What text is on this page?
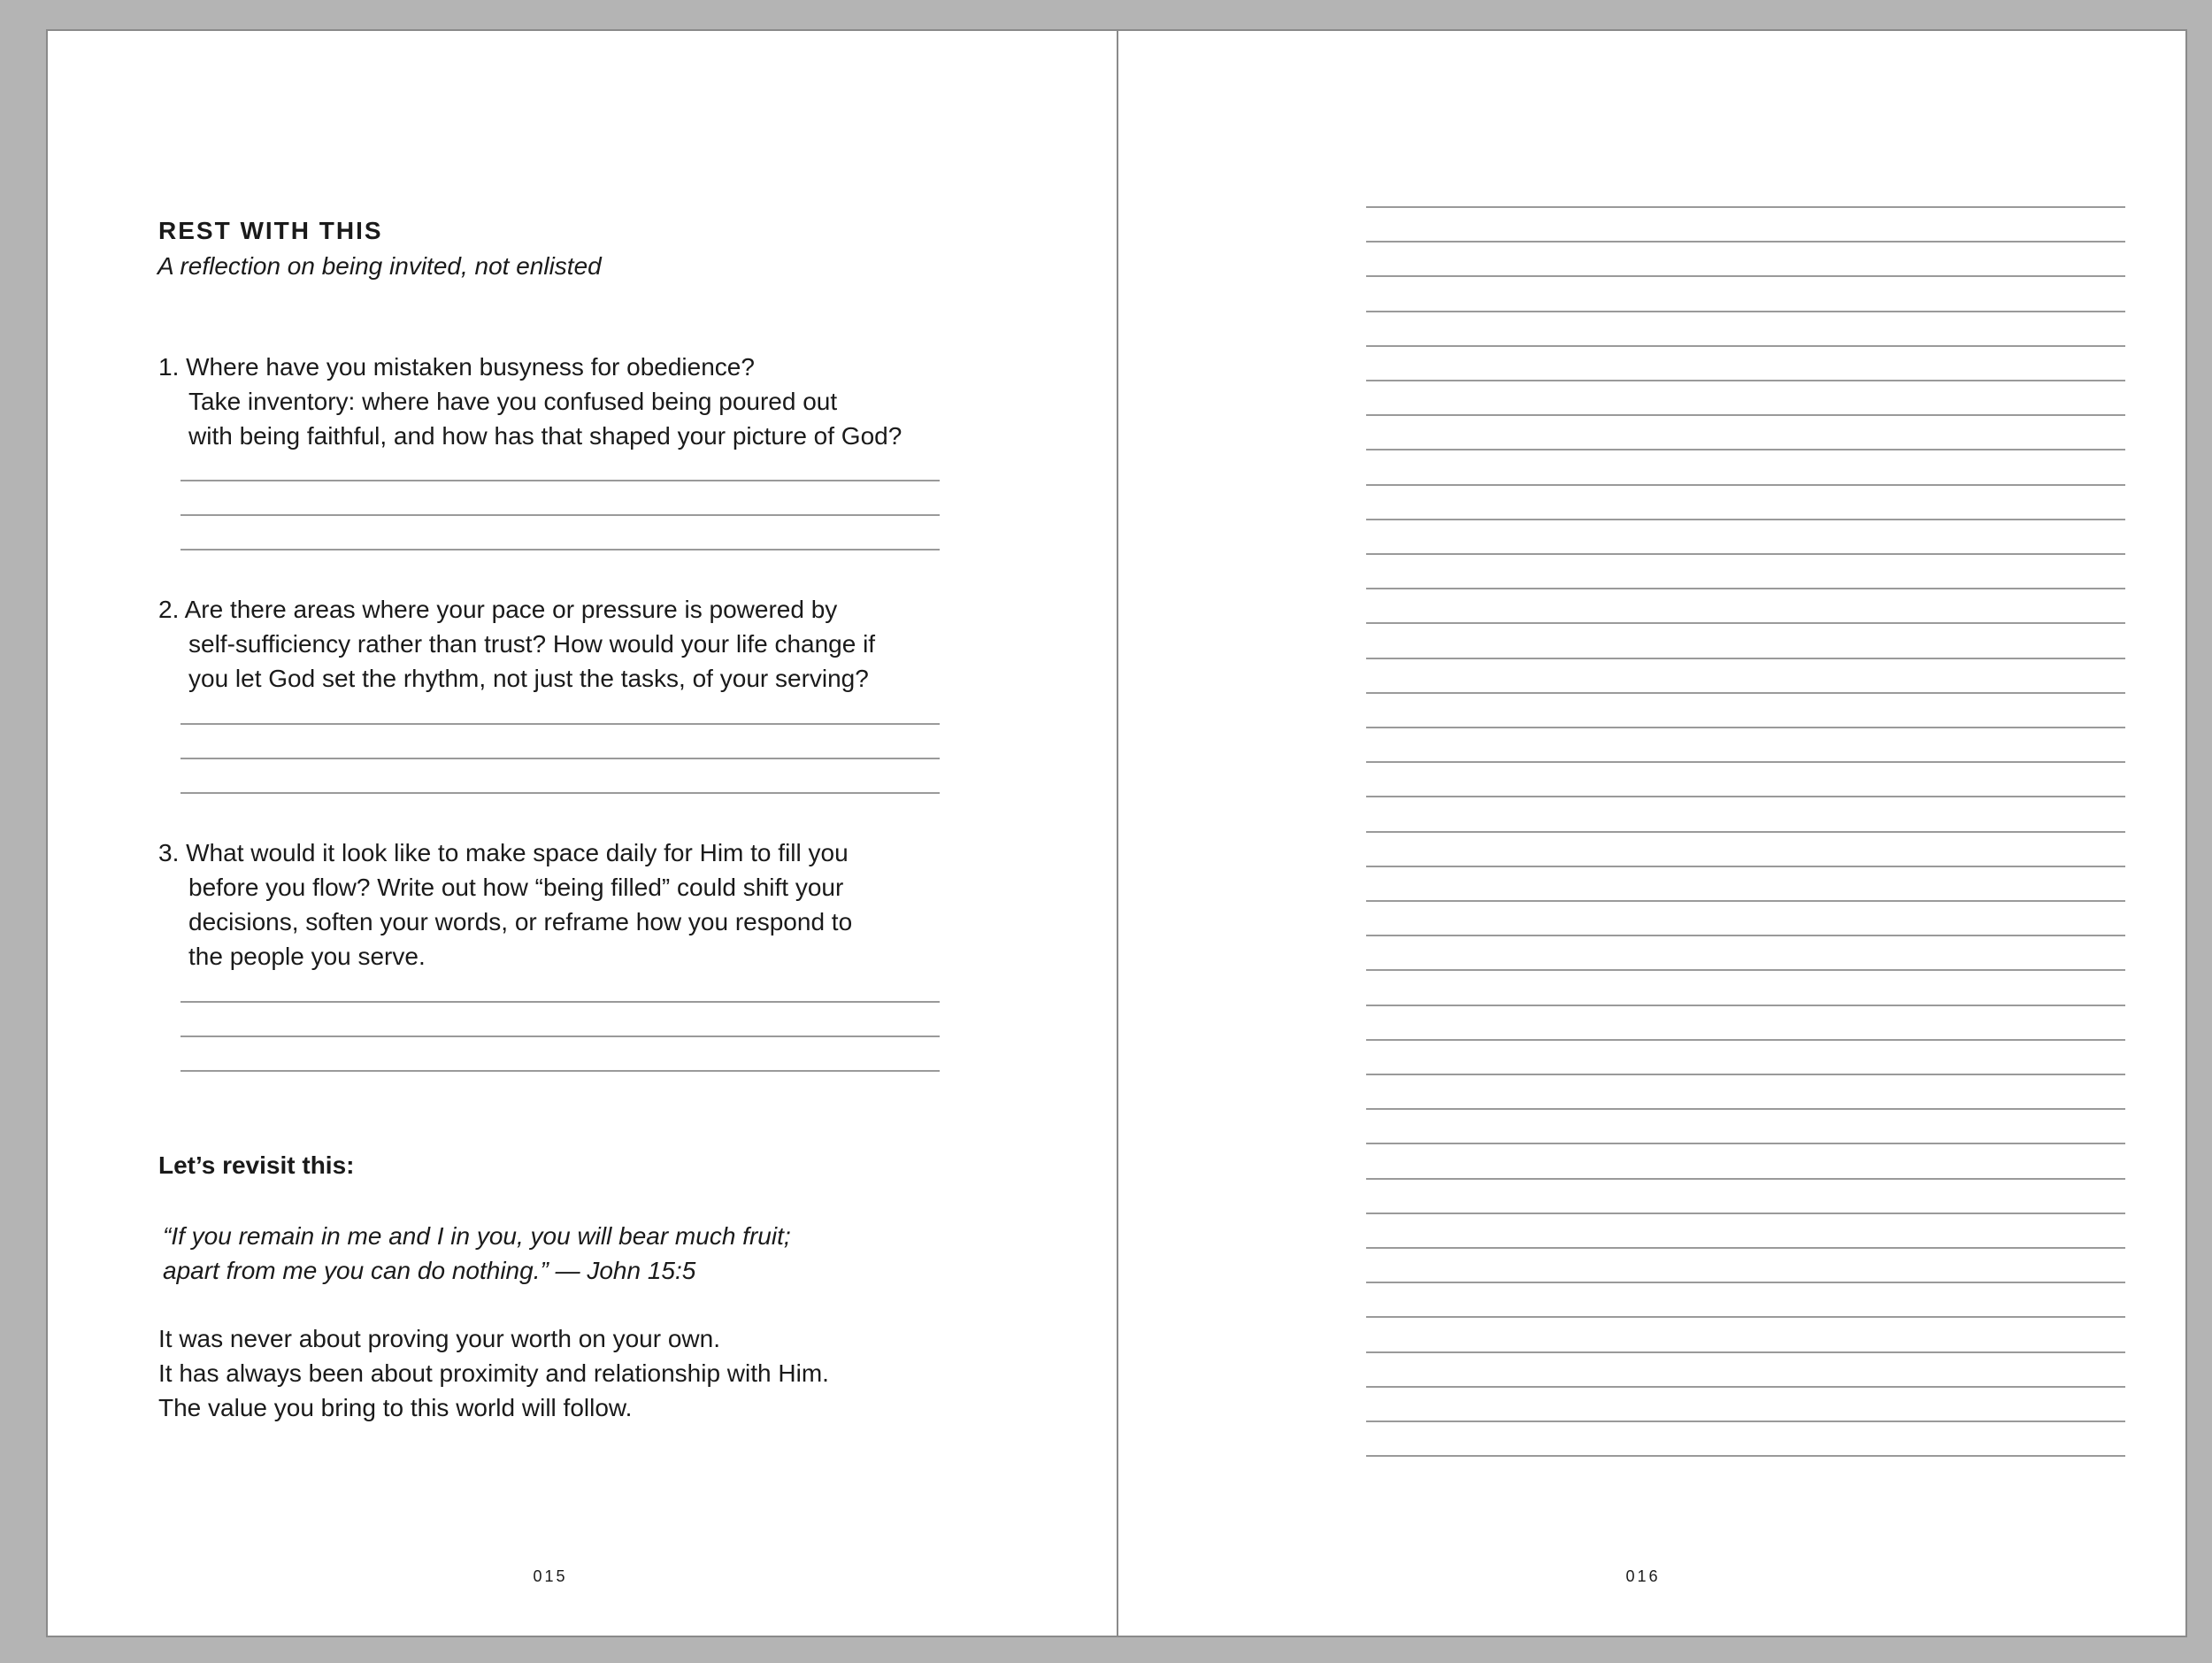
REST WITH THIS

A reflection on being invited, not enlisted

1. Where have you mistaken busyness for obedience?
Take inventory: where have you confused being poured out
with being faithful, and how has that shaped your picture of God?
2. Are there areas where your pace or pressure is powered by
self-sufficiency rather than trust? How would your life change if
you let God set the rhythm, not just the tasks, of your serving?
3. What would it look like to make space daily for Him to fill you
before you flow? Write out how “being filled” could shift your
decisions, soften your words, or reframe how you respond to
the people you serve.

Let’s revisit this:

“If you remain in me and I in you, you will bear much fruit;
apart from me you can do nothing.” — John 15:5
It was never about proving your worth on your own.
It has always been about proximity and relationship with Him.
The value you bring to this world will follow.
015	016
